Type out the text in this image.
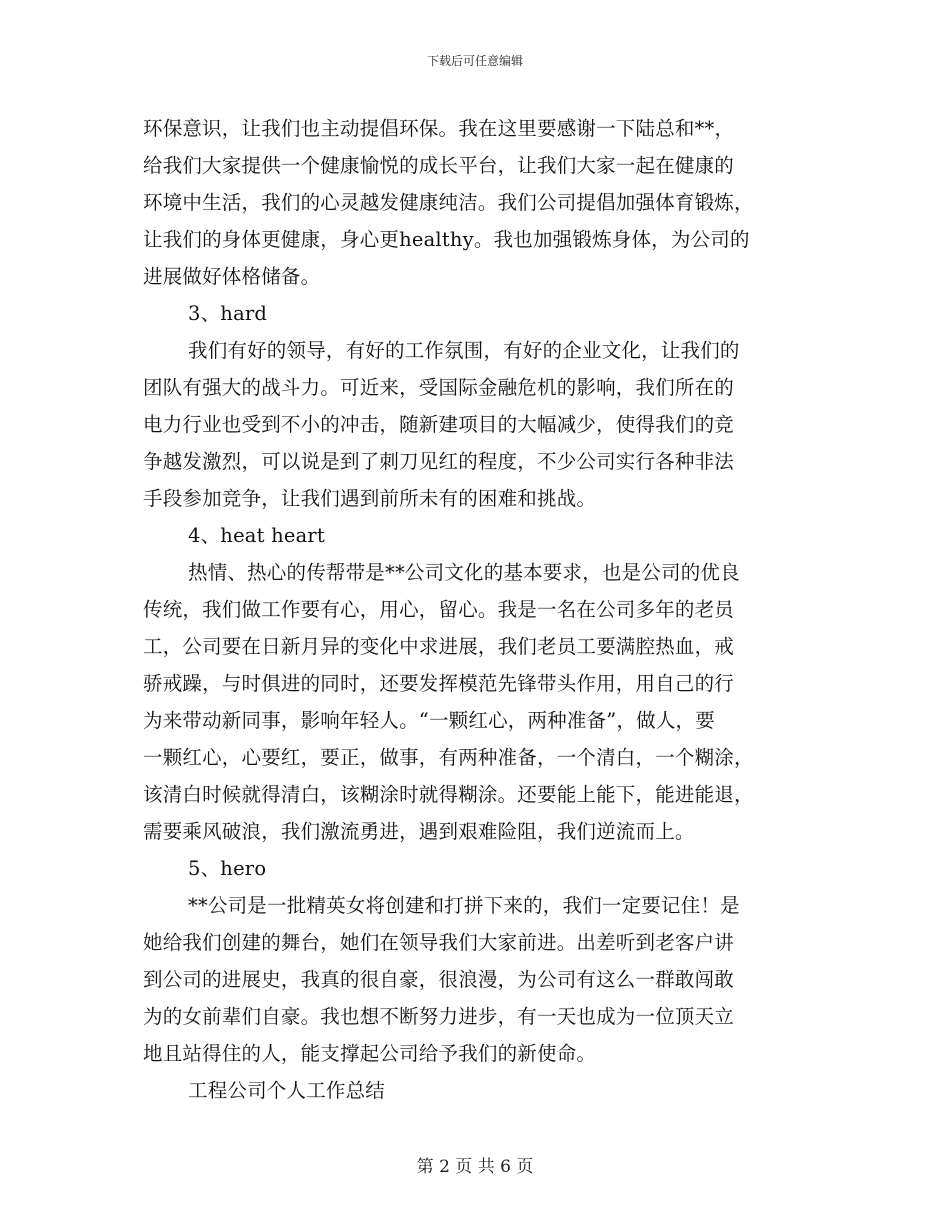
下载后可任意编辑
环保意识，让我们也主动提倡环保。我在这里要感谢一下陆总和**，
给我们大家提供一个健康愉悦的成长平台，让我们大家一起在健康的
环境中生活，我们的心灵越发健康纯洁。我们公司提倡加强体育锻炼，
让我们的身体更健康，身心更healthy。我也加强锻炼身体，为公司的
进展做好体格储备。
3、hard
我们有好的领导，有好的工作氛围，有好的企业文化，让我们的
团队有强大的战斗力。可近来，受国际金融危机的影响，我们所在的
电力行业也受到不小的冲击，随新建项目的大幅减少，使得我们的竞
争越发激烈，可以说是到了刺刀见红的程度，不少公司实行各种非法
手段参加竞争，让我们遇到前所未有的困难和挑战。
4、heat heart
热情、热心的传帮带是**公司文化的基本要求，也是公司的优良
传统，我们做工作要有心，用心，留心。我是一名在公司多年的老员
工，公司要在日新月异的变化中求进展，我们老员工要满腔热血，戒
骄戒躁，与时俱进的同时，还要发挥模范先锋带头作用，用自己的行
为来带动新同事，影响年轻人。“一颗红心，两种准备”，做人，要
一颗红心，心要红，要正，做事，有两种准备，一个清白，一个糊涂，
该清白时候就得清白，该糊涂时就得糊涂。还要能上能下，能进能退，
需要乘风破浪，我们激流勇进，遇到艰难险阻，我们逆流而上。
5、hero
**公司是一批精英女将创建和打拼下来的，我们一定要记住！是
她给我们创建的舞台，她们在领导我们大家前进。出差听到老客户讲
到公司的进展史，我真的很自豪，很浪漫，为公司有这么一群敢闯敢
为的女前辈们自豪。我也想不断努力进步，有一天也成为一位顶天立
地且站得住的人，能支撑起公司给予我们的新使命。
工程公司个人工作总结
第 2 页 共 6 页
